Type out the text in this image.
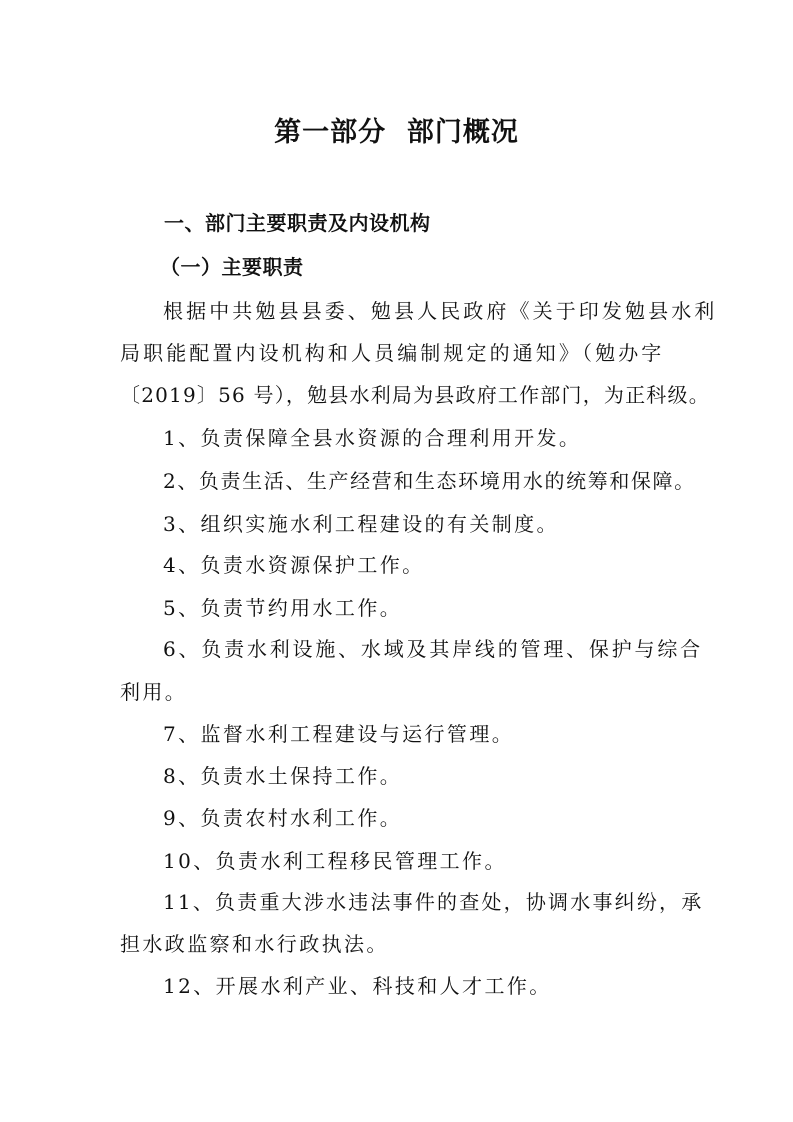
第一部分  部门概况
一、部门主要职责及内设机构
（一）主要职责
根据中共勉县县委、勉县人民政府《关于印发勉县水利
局职能配置内设机构和人员编制规定的通知》（勉办字
〔2019〕56 号），勉县水利局为县政府工作部门，为正科级。
1、负责保障全县水资源的合理利用开发。
2、负责生活、生产经营和生态环境用水的统筹和保障。
3、组织实施水利工程建设的有关制度。
4、负责水资源保护工作。
5、负责节约用水工作。
6、负责水利设施、水域及其岸线的管理、保护与综合
利用。
7、监督水利工程建设与运行管理。
8、负责水土保持工作。
9、负责农村水利工作。
10、负责水利工程移民管理工作。
11、负责重大涉水违法事件的查处，协调水事纠纷，承
担水政监察和水行政执法。
12、开展水利产业、科技和人才工作。
